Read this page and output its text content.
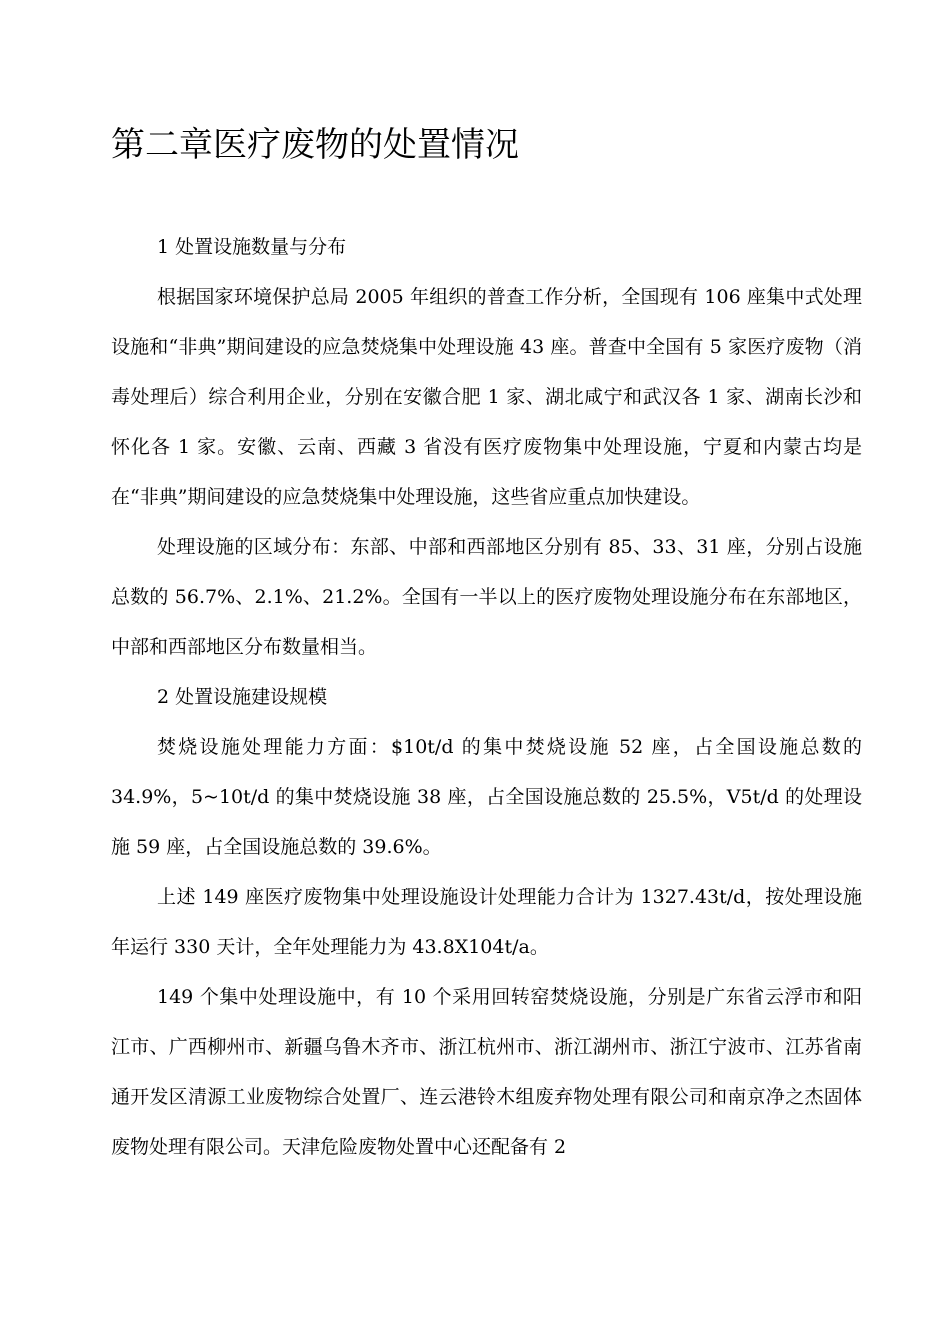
第二章医疗废物的处置情况

1 处置设施数量与分布

根据国家环境保护总局 2005 年组织的普查工作分析，全国现有 106 座集中式处理设施和“非典”期间建设的应急焚烧集中处理设施 43 座。普查中全国有 5 家医疗废物（消毒处理后）综合利用企业，分别在安徽合肥 1 家、湖北咸宁和武汉各 1 家、湖南长沙和怀化各 1 家。安徽、云南、西藏 3 省没有医疗废物集中处理设施，宁夏和内蒙古均是在“非典”期间建设的应急焚烧集中处理设施，这些省应重点加快建设。

处理设施的区域分布：东部、中部和西部地区分别有 85、33、31 座，分别占设施总数的 56.7%、2.1%、21.2%。全国有一半以上的医疗废物处理设施分布在东部地区，中部和西部地区分布数量相当。

2 处置设施建设规模

焚烧设施处理能力方面：$10t/d 的集中焚烧设施 52 座，占全国设施总数的 34.9%，5~10t/d 的集中焚烧设施 38 座，占全国设施总数的 25.5%，V5t/d 的处理设施 59 座，占全国设施总数的 39.6%。

上述 149 座医疗废物集中处理设施设计处理能力合计为 1327.43t/d，按处理设施年运行 330 天计，全年处理能力为 43.8X104t/a。

149 个集中处理设施中，有 10 个采用回转窑焚烧设施，分别是广东省云浮市和阳江市、广西柳州市、新疆乌鲁木齐市、浙江杭州市、浙江湖州市、浙江宁波市、江苏省南通开发区清源工业废物综合处置厂、连云港铃木组废弃物处理有限公司和南京净之杰固体废物处理有限公司。天津危险废物处置中心还配备有 2
